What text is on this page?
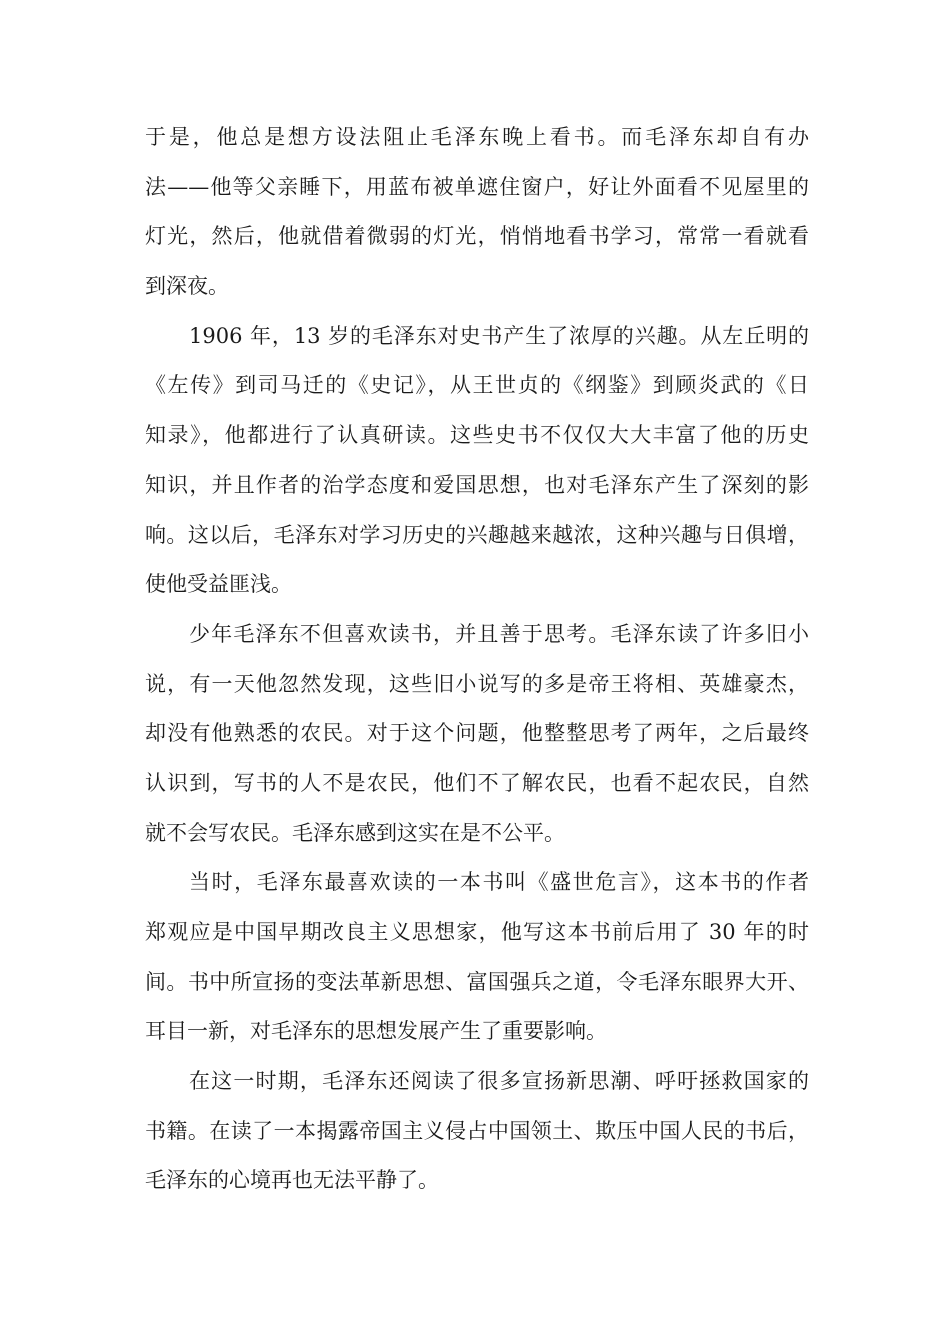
于是，他总是想方设法阻止毛泽东晚上看书。而毛泽东却自有办
法——他等父亲睡下，用蓝布被单遮住窗户，好让外面看不见屋里的
灯光，然后，他就借着微弱的灯光，悄悄地看书学习，常常一看就看
到深夜。
1906 年，13 岁的毛泽东对史书产生了浓厚的兴趣。从左丘明的
《左传》到司马迁的《史记》，从王世贞的《纲鉴》到顾炎武的《日
知录》，他都进行了认真研读。这些史书不仅仅大大丰富了他的历史
知识，并且作者的治学态度和爱国思想，也对毛泽东产生了深刻的影
响。这以后，毛泽东对学习历史的兴趣越来越浓，这种兴趣与日俱增，
使他受益匪浅。
少年毛泽东不但喜欢读书，并且善于思考。毛泽东读了许多旧小
说，有一天他忽然发现，这些旧小说写的多是帝王将相、英雄豪杰，
却没有他熟悉的农民。对于这个问题，他整整思考了两年，之后最终
认识到，写书的人不是农民，他们不了解农民，也看不起农民，自然
就不会写农民。毛泽东感到这实在是不公平。
当时，毛泽东最喜欢读的一本书叫《盛世危言》，这本书的作者
郑观应是中国早期改良主义思想家，他写这本书前后用了 30 年的时
间。书中所宣扬的变法革新思想、富国强兵之道，令毛泽东眼界大开、
耳目一新，对毛泽东的思想发展产生了重要影响。
在这一时期，毛泽东还阅读了很多宣扬新思潮、呼吁拯救国家的
书籍。在读了一本揭露帝国主义侵占中国领土、欺压中国人民的书后，
毛泽东的心境再也无法平静了。
